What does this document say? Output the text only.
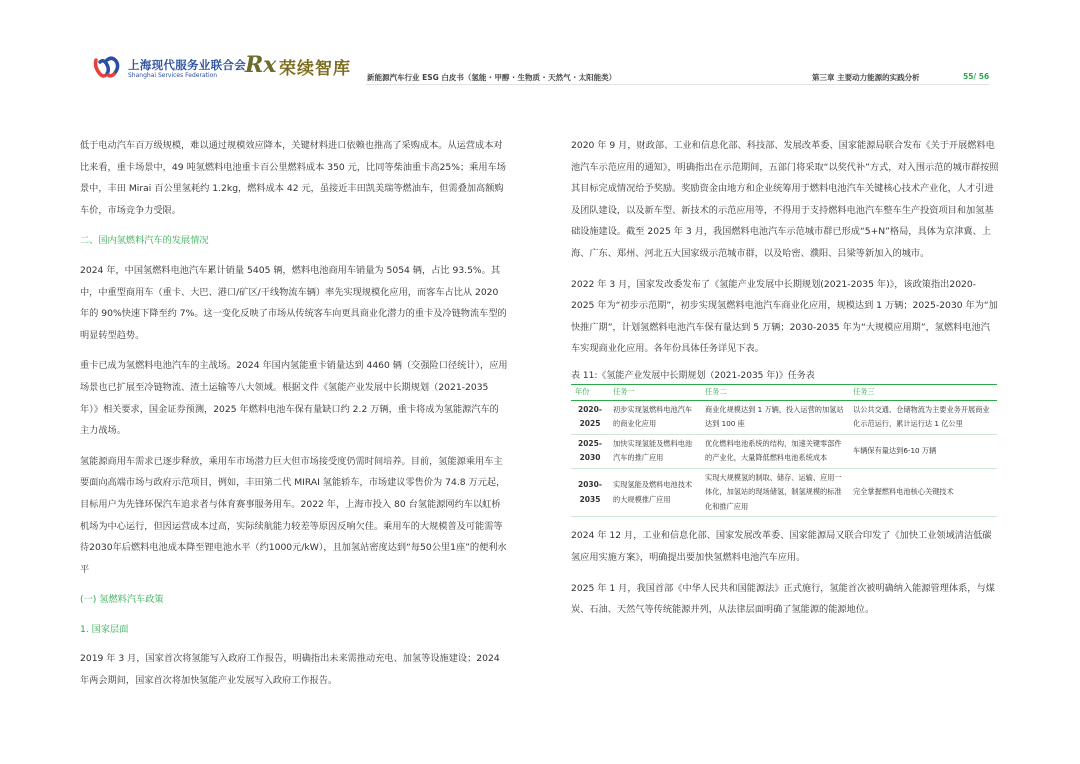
上海现代服务业联合会
Shanghai Services Federation Rx 荣续智库 新能源汽车行业 ESG 白皮书（氢能 · 甲醇 · 生物质 · 天然气 · 太阳能类）	第三章 主要动力能源的实践分析	55/ 56

低于电动汽车百万级规模，难以通过规模效应降本，关键材料进口依赖也推高了采购成本。从运营成本对比来看，重卡场景中，49 吨氢燃料电池重卡百公里燃料成本 350 元，比同等柴油重卡高25%；乘用车场景中，丰田 Mirai 百公里氢耗约 1.2kg，燃料成本 42 元，虽接近丰田凯美瑞等燃油车，但需叠加高额购车价，市场竞争力受限。

二、国内氢燃料汽车的发展情况

2024 年，中国氢燃料电池汽车累计销量 5405 辆，燃料电池商用车销量为 5054 辆，占比 93.5%。其中，中重型商用车（重卡、大巴、港口/矿区/干线物流车辆）率先实现规模化应用，而客车占比从 2020 年的 90%快速下降至约 7%。这一变化反映了市场从传统客车向更具商业化潜力的重卡及冷链物流车型的明显转型趋势。

重卡已成为氢燃料电池汽车的主战场。2024 年国内氢能重卡销量达到 4460 辆（交强险口径统计），应用场景也已扩展至冷链物流、渣土运输等八大领域。根据文件《氢能产业发展中长期规划（2021-2035 年）》相关要求，国金证券预测，2025 年燃料电池车保有量缺口约 2.2 万辆，重卡将成为氢能源汽车的主力战场。

氢能源商用车需求已逐步释放，乘用车市场潜力巨大但市场接受度仍需时间培养。目前，氢能源乘用车主要面向高端市场与政府示范项目，例如，丰田第二代 MIRAI 氢能轿车，市场建议零售价为 74.8 万元起，目标用户为先锋环保汽车追求者与体育赛事服务用车。2022 年，上海市投入 80 台氢能源网约车以虹桥机场为中心运行，但因运营成本过高，实际续航能力较差等原因反响欠佳。乘用车的大规模普及可能需等待2030年后燃料电池成本降至锂电池水平（约1000元/kW），且加氢站密度达到“每50公里1座”的便利水平

(一) 氢燃料汽车政策

1. 国家层面

2019 年 3 月，国家首次将氢能写入政府工作报告，明确指出未来需推动充电、加氢等设施建设；2024 年两会期间，国家首次将加快氢能产业发展写入政府工作报告。

2020 年 9 月，财政部、工业和信息化部、科技部、发展改革委、国家能源局联合发布《关于开展燃料电池汽车示范应用的通知》，明确指出在示范期间，五部门将采取“以奖代补”方式，对入围示范的城市群按照其目标完成情况给予奖励。奖励资金由地方和企业统筹用于燃料电池汽车关键核心技术产业化，人才引进及团队建设，以及新车型、新技术的示范应用等，不得用于支持燃料电池汽车整车生产投资项目和加氢基础设施建设。截至 2025 年 3 月，我国燃料电池汽车示范城市群已形成“5+N”格局，具体为京津冀、上海、广东、郑州、河北五大国家级示范城市群，以及哈密、濮阳、吕梁等新加入的城市。

2022 年 3 月，国家发改委发布了《氢能产业发展中长期规划(2021-2035 年)》，该政策指出2020-2025 年为“初步示范期”，初步实现氢燃料电池汽车商业化应用，规模达到 1 万辆；2025-2030 年为“加快推广期”，计划氢燃料电池汽车保有量达到 5 万辆；2030-2035 年为“大规模应用期”，氢燃料电池汽车实现商业化应用。各年份具体任务详见下表。

表 11:《氢能产业发展中长期规划（2021-2035 年)》任务表

年份	任务一	任务二	任务三
2020-2025	初步实现氢燃料电池汽车的商业化应用	商业化规模达到 1 万辆，投入运营的加氢站达到 100 座	以公共交通、仓储物流为主要业务开展商业化示范运行，累计运行达 1 亿公里
2025-2030	加快实现氢能及燃料电池汽车的推广应用	优化燃料电池系统的结构，加速关键零部件的产业化，大量降低燃料电池系统成本	车辆保有量达到6-10 万辆
2030-2035	实现氢能及燃料电池技术的大规模推广应用	实现大规模氢的制取、储存、运输、应用一体化，加氢站的现场储氢，制氢规模的标准化和推广应用	完全掌握燃料电池核心关键技术

2024 年 12 月，工业和信息化部、国家发展改革委、国家能源局又联合印发了《加快工业领域清洁低碳氢应用实施方案》，明确提出要加快氢燃料电池汽车应用。

2025 年 1 月，我国首部《中华人民共和国能源法》正式施行，氢能首次被明确纳入能源管理体系，与煤炭、石油、天然气等传统能源并列，从法律层面明确了氢能源的能源地位。
